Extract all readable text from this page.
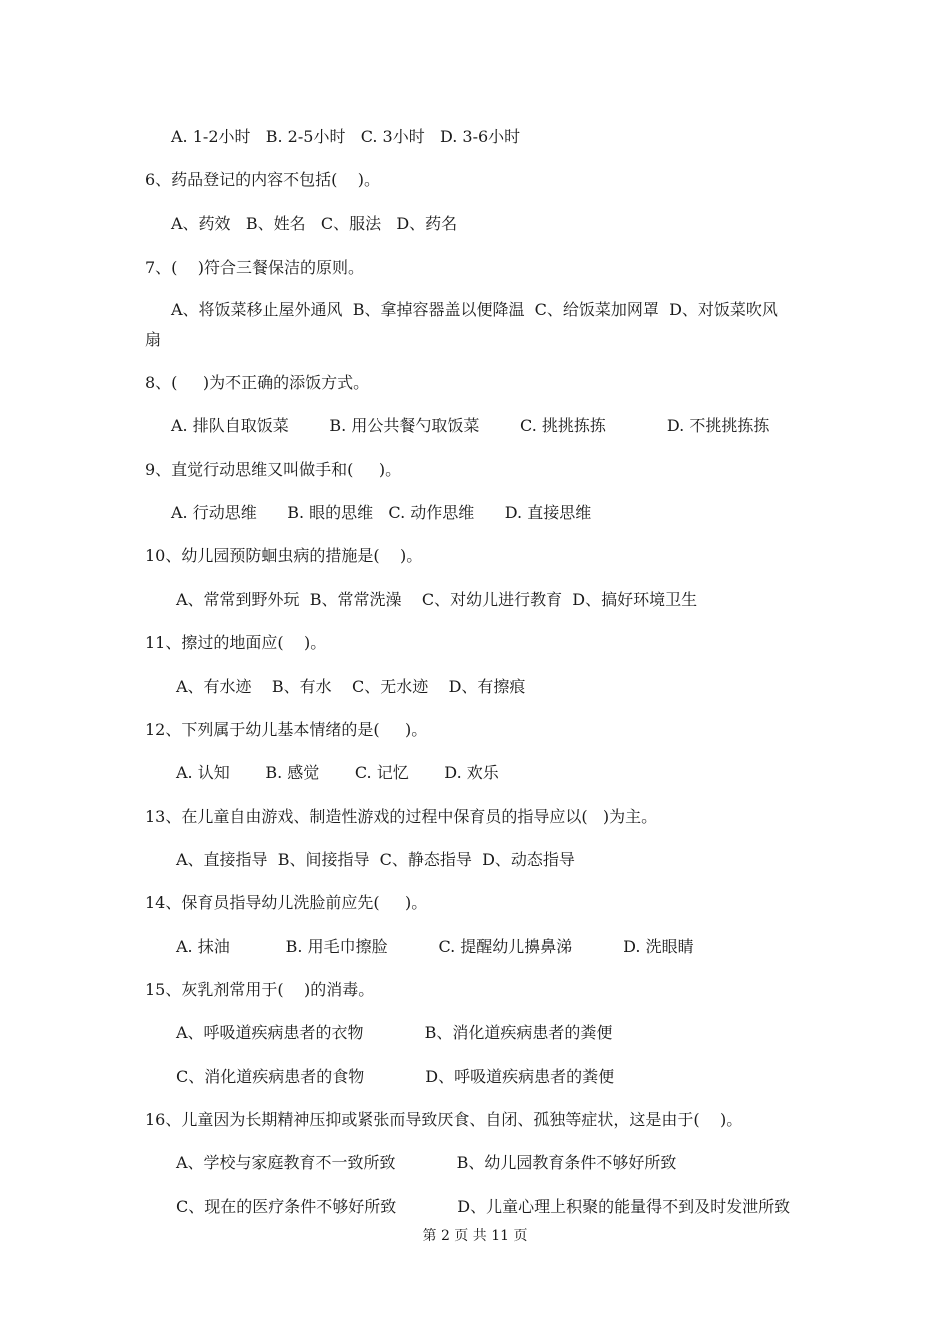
A. 1-2小时   B. 2-5小时   C. 3小时   D. 3-6小时
6、药品登记的内容不包括(    )。
A、药效   B、姓名   C、服法   D、药名
7、(    )符合三餐保洁的原则。
A、将饭菜移止屋外通风  B、拿掉容器盖以便降温  C、给饭菜加网罩  D、对饭菜吹风
扇
8、(     )为不正确的添饭方式。
A. 排队自取饭菜        B. 用公共餐勺取饭菜        C. 挑挑拣拣            D. 不挑挑拣拣
9、直觉行动思维又叫做手和(     )。
A. 行动思维      B. 眼的思维   C. 动作思维      D. 直接思维
10、幼儿园预防蛔虫病的措施是(    )。
A、常常到野外玩  B、常常洗澡    C、对幼儿进行教育  D、搞好环境卫生
11、擦过的地面应(    )。
A、有水迹    B、有水    C、无水迹    D、有擦痕
12、下列属于幼儿基本情绪的是(     )。
A. 认知       B. 感觉       C. 记忆       D. 欢乐
13、在儿童自由游戏、制造性游戏的过程中保育员的指导应以(   )为主。
A、直接指导  B、间接指导  C、静态指导  D、动态指导
14、保育员指导幼儿洗脸前应先(     )。
A. 抹油           B. 用毛巾擦脸          C. 提醒幼儿擤鼻涕          D. 洗眼睛
15、灰乳剂常用于(    )的消毒。
A、呼吸道疾病患者的衣物            B、消化道疾病患者的粪便
C、消化道疾病患者的食物            D、呼吸道疾病患者的粪便
16、儿童因为长期精神压抑或紧张而导致厌食、自闭、孤独等症状，这是由于(    )。
A、学校与家庭教育不一致所致            B、幼儿园教育条件不够好所致
C、现在的医疗条件不够好所致            D、儿童心理上积聚的能量得不到及时发泄所致
第 2 页 共 11 页
